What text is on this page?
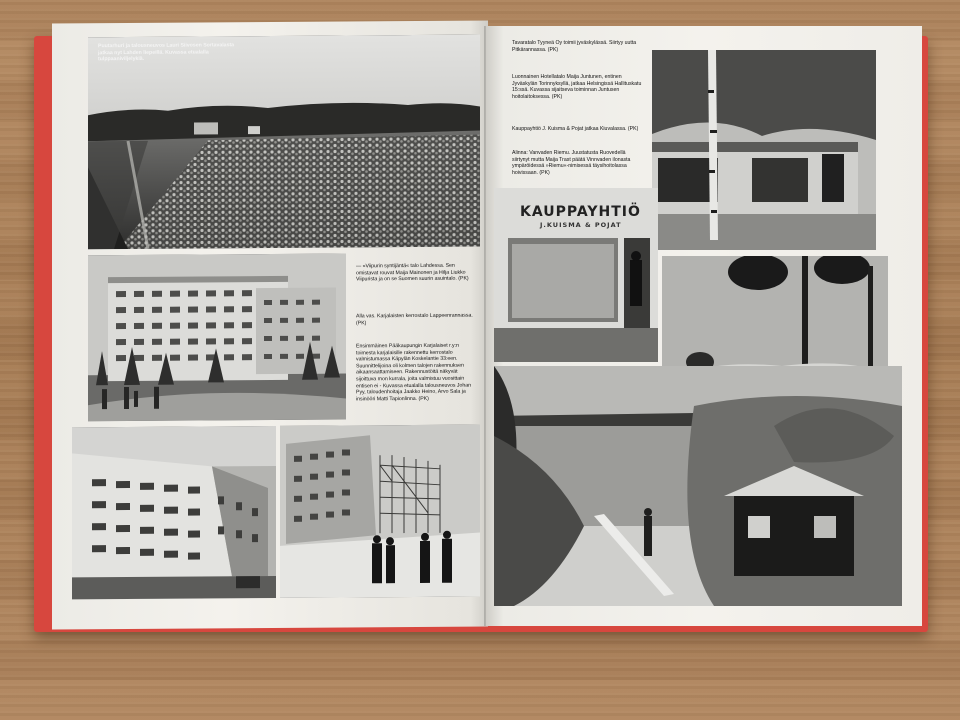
Puutarhuri ja talousneuvos Lauri Siivosen Sortavalasta jatkaa nyt Lahden liepeillä. Kuvassa etualalla tulppaaniviljelykiä.
— »Viipurin syntijäntä« talo Lahdessa. Sen omistavat rouvat Maija Mainonen ja Hilja Liukko Viipurista ja on se Suomen suurin asuintalo. (PK)
Alla vas. Karjalaisten kerrostalo Lappeenrannassa. (PK)
Ensimmäinen Pääkaupungin Karjalaiset r.y:n toimesta karjalaisille rakennettu kerrostalo valmistumassa Käpylän Koskelantie 33:een. Suunnittelijoina oli kolmen talojen rakennuksen aikaansaattamiseen. Rakennustöitä näkyvät sijoittuva mon kurrala, joita valmistuu vuosittain entisen ei - Kuvassa etualalla talousneuvos Johan Pyy, taloudenhoitaja Jaakko Heino, Arvo Sala ja insinööri Matti Tapionlinna. (PK)
Tavaratalo Tyyneä Oy toimii jyväskylässä. Siirtyy uutta Pitkärannassa. (PK)
Luonnainen Hotellatalo Maija Juntunen, entinen Jyväskylän Torinnyksyllä, jatkaa Helsingissä Hallituskatu 15:ssä. Kuvassa sijaitseva toiminnan Juntusen hoitolaitoksessa. (PK)
Kauppayhtiö J. Kuisma & Pojat jatkaa Kiuvalassa. (PK)
Alinna: Vanvaden Riemu. Juustatusta Ruovedellä siirtynyt mutta Maija Trast päätä Vinnvaden ilonasta ympäröidessä »Riemu«-nimisessä täysihoitolassa hoivissaan. (PK)
KAUPPAYHTIÖ
J.KUISMA & POJAT
